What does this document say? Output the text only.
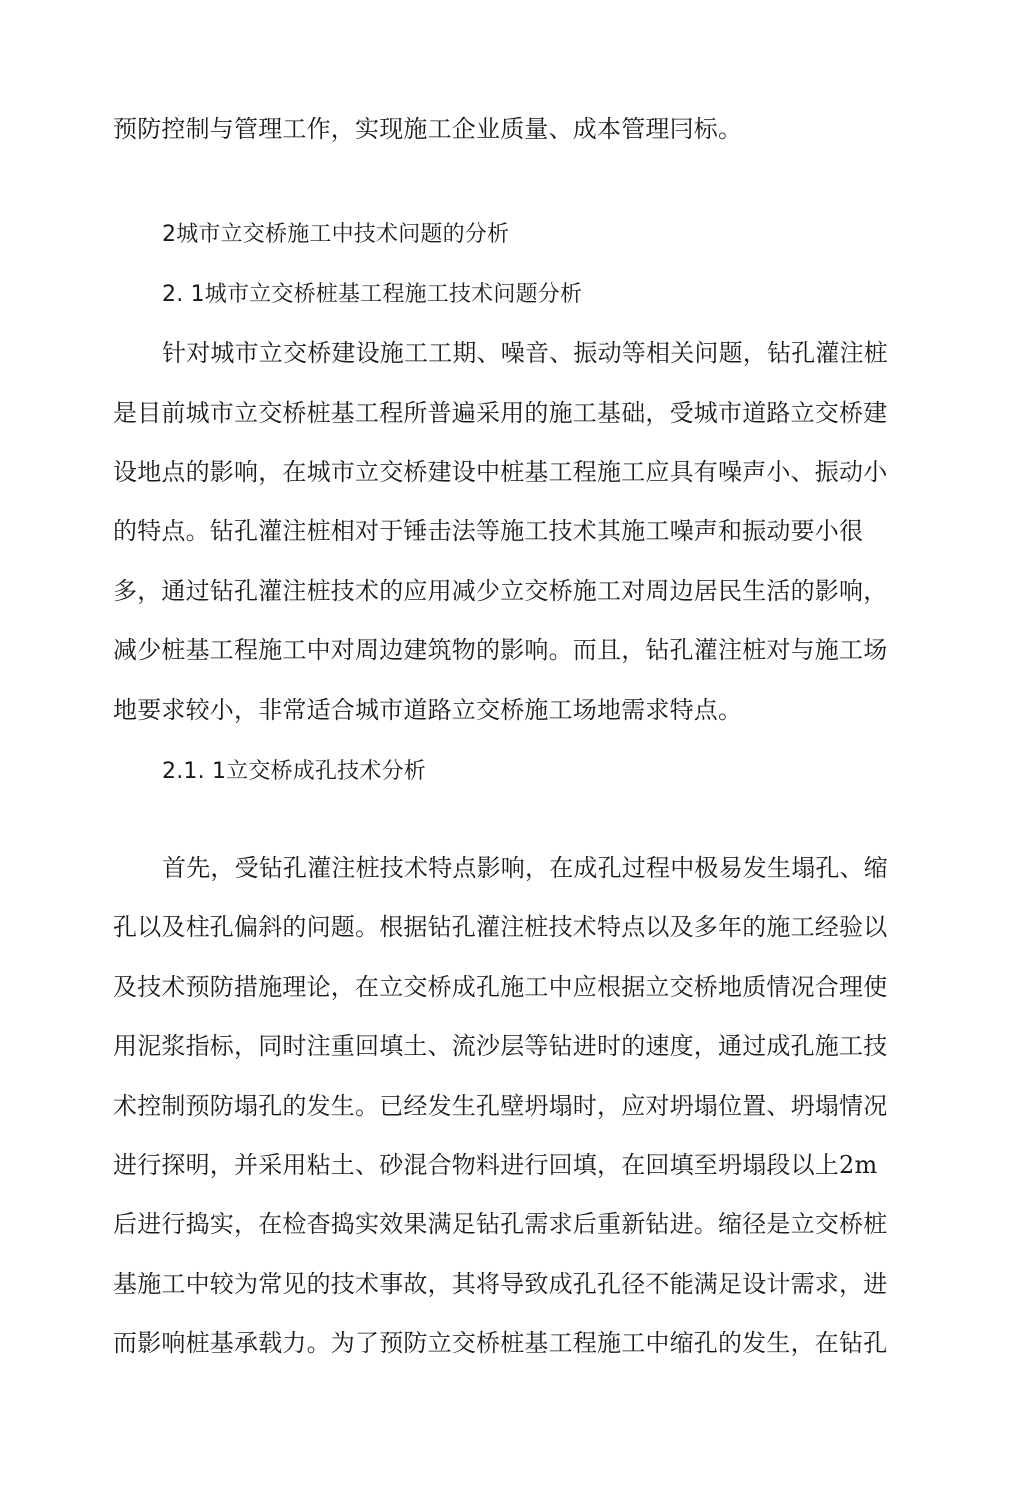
预防控制与管理工作，实现施工企业质量、成本管理冃标。
2城市立交桥施工中技术问题的分析
2. 1城市立交桥桩基工程施工技术问题分析
针对城市立交桥建设施工工期、噪音、振动等相关问题，钻孔灌注桩
是目前城市立交桥桩基工程所普遍采用的施工基础，受城市道路立交桥建
设地点的影响，在城市立交桥建设中桩基工程施工应具有噪声小、振动小
的特点。钻孔灌注桩相对于锤击法等施工技术其施工噪声和振动要小很
多，通过钻孔灌注桩技术的应用减少立交桥施工对周边居民生活的影响，
减少桩基工程施工中对周边建筑物的影响。而且，钻孔灌注桩对与施工场
地要求较小，非常适合城市道路立交桥施工场地需求特点。
2.1. 1立交桥成孔技术分析
首先，受钻孔灌注桩技术特点影响，在成孔过程中极易发生塌孔、缩
孔以及柱孔偏斜的问题。根据钻孔灌注桩技术特点以及多年的施工经验以
及技术预防措施理论，在立交桥成孔施工中应根据立交桥地质情况合理使
用泥浆指标，同时注重回填土、流沙层等钻进时的速度，通过成孔施工技
术控制预防塌孔的发生。已经发生孔壁坍塌时，应对坍塌位置、坍塌情况
进行探明，并采用粘土、砂混合物料进行回填，在回填至坍塌段以上2m
后进行捣实，在检杳捣实效果满足钻孔需求后重新钻进。缩径是立交桥桩
基施工中较为常见的技术事故，其将导致成孔孔径不能满足设计需求，进
而影响桩基承载力。为了预防立交桥桩基工程施工中缩孔的发生，在钻孔
